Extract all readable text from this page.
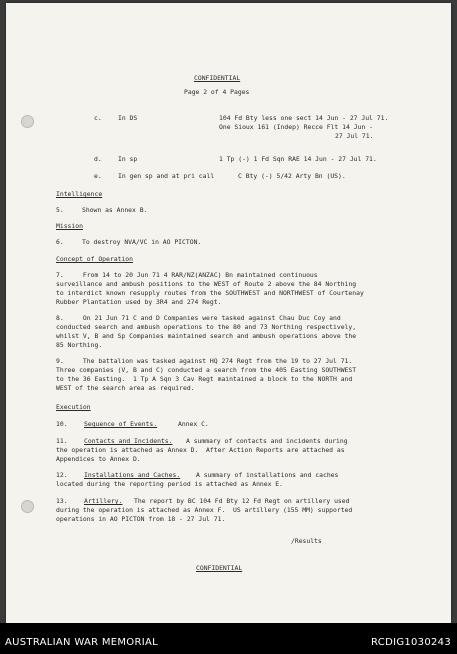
CONFIDENTIAL
Page 2 of 4 Pages
c.	In DS	104 Fd Bty less one sect 14 Jun - 27 Jul 71.
One Sioux 161 (Indep) Recce Flt 14 Jun -
27 Jul 71.
d.	In sp	1 Tp (-) 1 Fd Sqn RAE 14 Jun - 27 Jul 71.
e.	In gen sp and at pri call	C Bty (-) 5/42 Arty Bn (US).
Intelligence
5.	Shown as Annex B.
Mission
6.	To destroy NVA/VC in AO PICTON.
Concept of Operation
7.     From 14 to 20 Jun 71 4 RAR/NZ(ANZAC) Bn maintained continuous
surveillance and ambush positions to the WEST of Route 2 above the 84 Northing
to interdict known resupply routes from the SOUTHWEST and NORTHWEST of Courtenay
Rubber Plantation used by 3R4 and 274 Regt.
8.     On 21 Jun 71 C and D Companies were tasked against Chau Duc Coy and
conducted search and ambush operations to the 80 and 73 Northing respectively,
whilst V, B and Sp Companies maintained search and ambush operations above the
85 Northing.
9.     The battalion was tasked against HQ 274 Regt from the 19 to 27 Jul 71.
Three companies (V, B and C) conducted a search from the 405 Easting SOUTHWEST
to the 36 Easting.  1 Tp A Sqn 3 Cav Regt maintained a block to the NORTH and
WEST of the search area as required.
Execution
10.	Sequence of Events.	Annex C.
11.	Contacts and Incidents. A summary of contacts and incidents during
the operation is attached as Annex D.  After Action Reports are attached as
Appendices to Annex D.
12.	Installations and Caches. A summary of installations and caches
located during the reporting period is attached as Annex E.
13.	Artillery. The report by BC 104 Fd Bty 12 Fd Regt on artillery used
during the operation is attached as Annex F.  US artillery (155 MM) supported
operations in AO PICTON from 18 - 27 Jul 71.
/Results
CONFIDENTIAL
AUSTRALIAN WAR MEMORIAL	RCDIG1030243
